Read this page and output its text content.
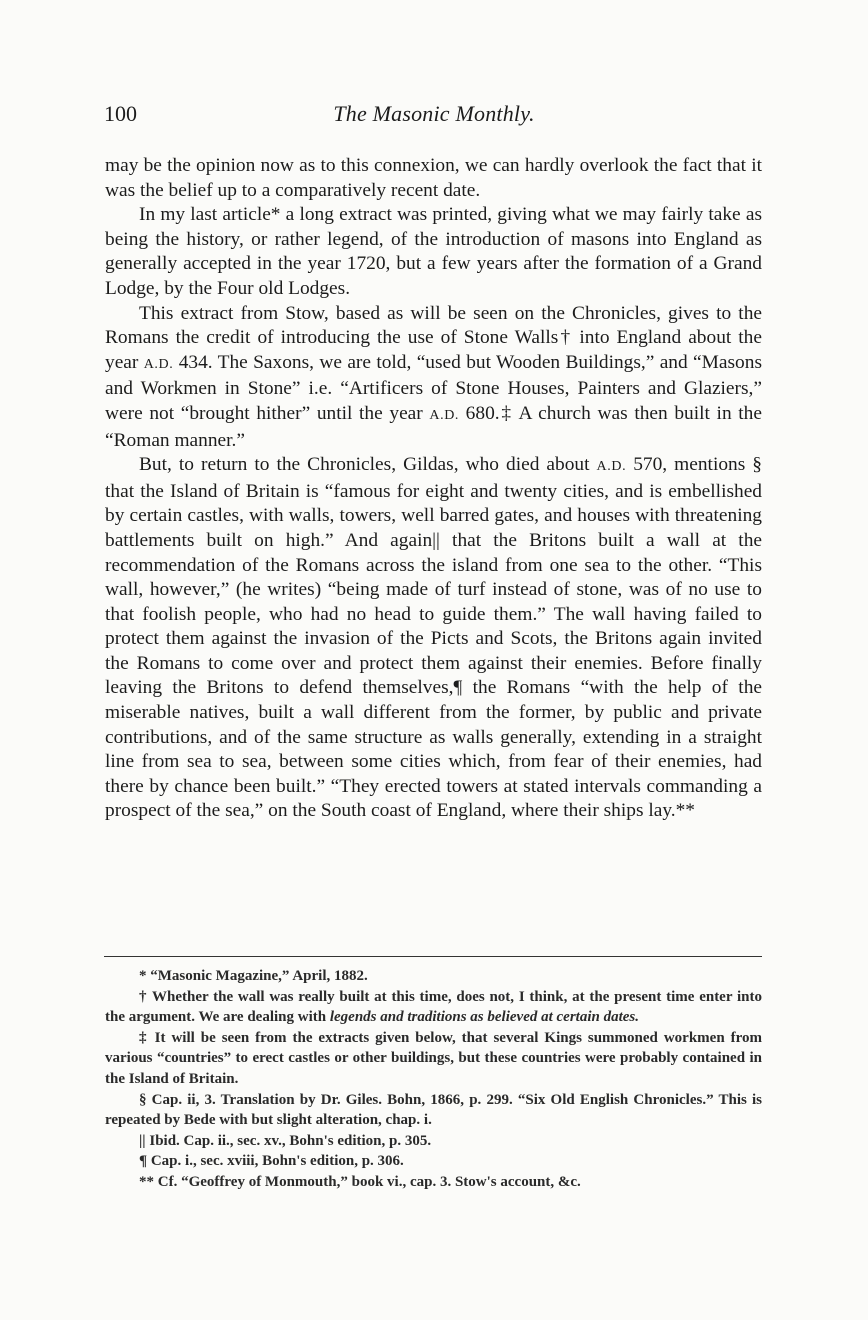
100	The Masonic Monthly.

may be the opinion now as to this connexion, we can hardly overlook the fact that it was the belief up to a comparatively recent date.

In my last article* a long extract was printed, giving what we may fairly take as being the history, or rather legend, of the introduction of masons into England as generally accepted in the year 1720, but a few years after the formation of a Grand Lodge, by the Four old Lodges.

This extract from Stow, based as will be seen on the Chronicles, gives to the Romans the credit of introducing the use of Stone Walls† into England about the year A.D. 434. The Saxons, we are told, “used but Wooden Buildings,” and “Masons and Workmen in Stone” i.e. “Artificers of Stone Houses, Painters and Glaziers,” were not “brought hither” until the year A.D. 680.‡ A church was then built in the “Roman manner.”

But, to return to the Chronicles, Gildas, who died about A.D. 570, mentions § that the Island of Britain is “famous for eight and twenty cities, and is embellished by certain castles, with walls, towers, well barred gates, and houses with threatening battlements built on high.” And again|| that the Britons built a wall at the recommendation of the Romans across the island from one sea to the other. “This wall, however,” (he writes) “being made of turf instead of stone, was of no use to that foolish people, who had no head to guide them.” The wall having failed to protect them against the invasion of the Picts and Scots, the Britons again invited the Romans to come over and protect them against their enemies. Before finally leaving the Britons to defend themselves,¶ the Romans “with the help of the miserable natives, built a wall different from the former, by public and private contributions, and of the same structure as walls generally, extending in a straight line from sea to sea, between some cities which, from fear of their enemies, had there by chance been built.” “They erected towers at stated intervals commanding a prospect of the sea,” on the South coast of England, where their ships lay.**

* “Masonic Magazine,” April, 1882.

† Whether the wall was really built at this time, does not, I think, at the present time enter into the argument. We are dealing with legends and traditions as believed at certain dates.

‡ It will be seen from the extracts given below, that several Kings summoned workmen from various “countries” to erect castles or other buildings, but these countries were probably contained in the Island of Britain.

§ Cap. ii, 3. Translation by Dr. Giles. Bohn, 1866, p. 299. “Six Old English Chronicles.” This is repeated by Bede with but slight alteration, chap. i.

|| Ibid. Cap. ii., sec. xv., Bohn's edition, p. 305.

¶ Cap. i., sec. xviii, Bohn's edition, p. 306.

** Cf. “Geoffrey of Monmouth,” book vi., cap. 3. Stow's account, &c.
